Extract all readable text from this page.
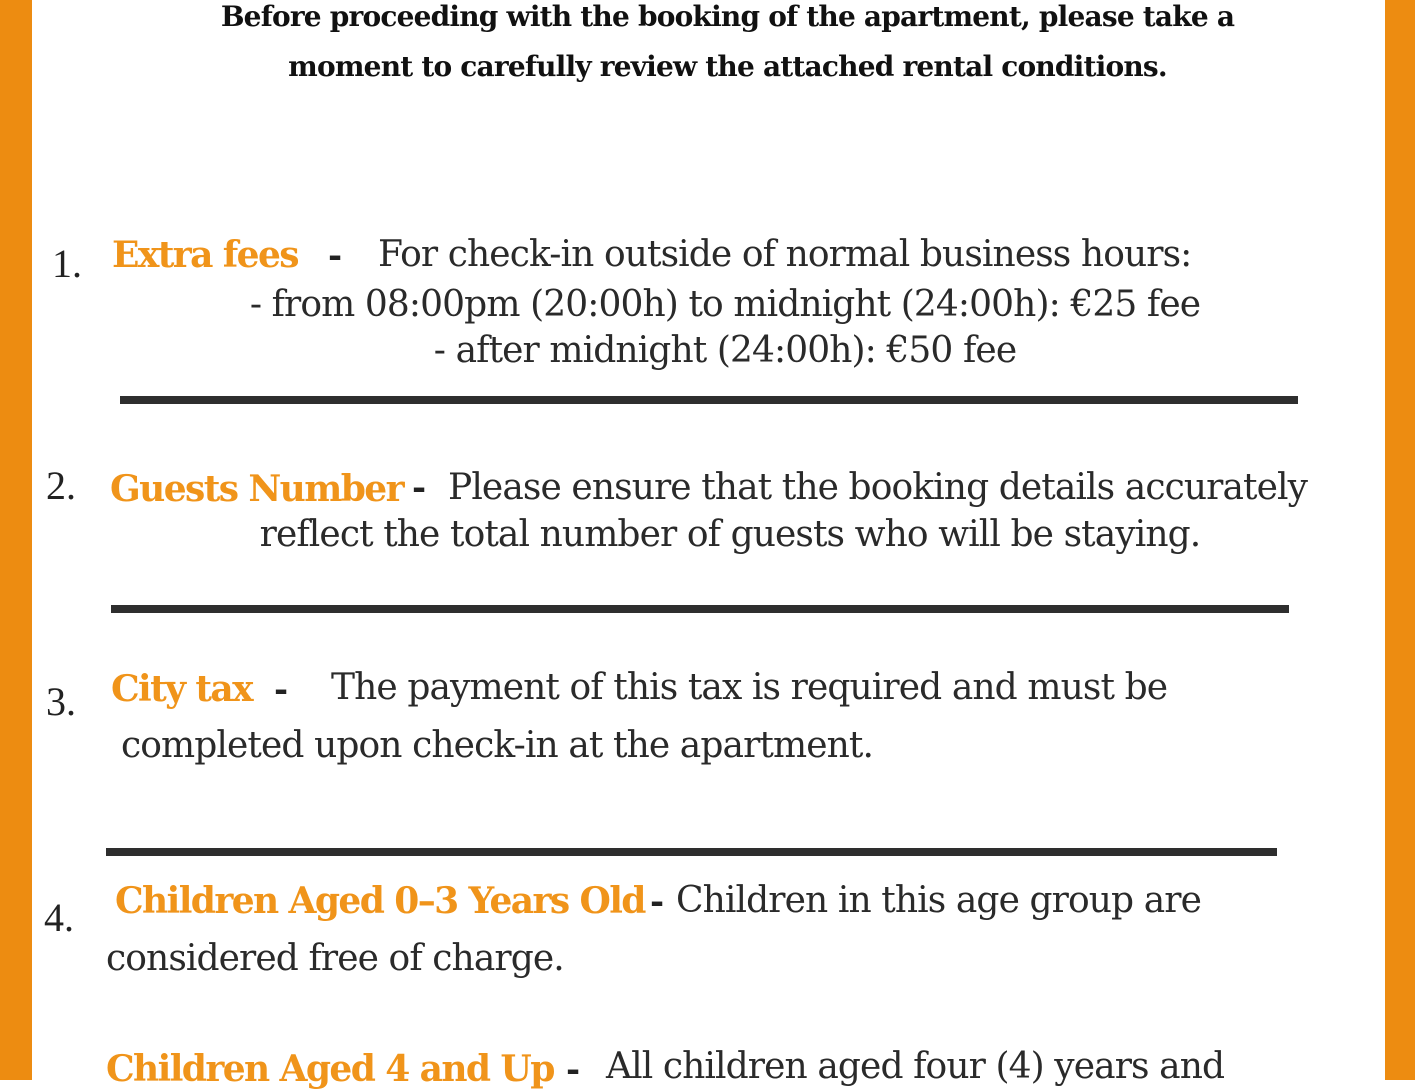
Before proceeding with the booking of the apartment, please take a
moment to carefully review the attached rental conditions.
1. Extra fees - For check-in outside of normal business hours:
- from 08:00pm (20:00h) to midnight (24:00h): €25 fee
- after midnight (24:00h): €50 fee
2. Guests Number - Please ensure that the booking details accurately
reflect the total number of guests who will be staying.
3. City tax - The payment of this tax is required and must be
completed upon check-in at the apartment.
4. Children Aged 0–3 Years Old - Children in this age group are
considered free of charge.
Children Aged 4 and Up - All children aged four (4) years and
